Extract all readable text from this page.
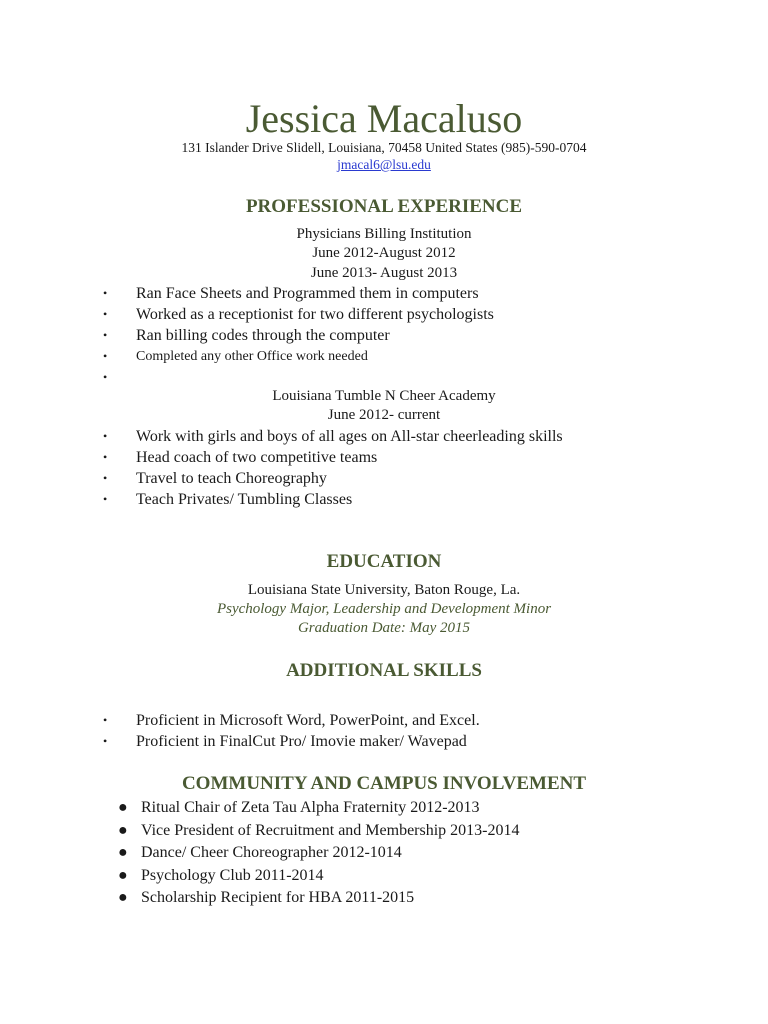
Jessica Macaluso
131 Islander Drive Slidell, Louisiana, 70458 United States (985)-590-0704
jmacal6@lsu.edu
PROFESSIONAL EXPERIENCE
Physicians Billing Institution
June 2012-August 2012
June 2013- August 2013
• Ran Face Sheets and Programmed them in computers
• Worked as a receptionist for two different psychologists
• Ran billing codes through the computer
• Completed any other Office work needed
•

Louisiana Tumble N Cheer Academy
June 2012- current
• Work with girls and boys of all ages on All-star cheerleading skills
• Head coach of two competitive teams
• Travel to teach Choreography
• Teach Privates/ Tumbling Classes
EDUCATION
Louisiana State University, Baton Rouge, La.
Psychology Major, Leadership and Development Minor
Graduation Date: May 2015
ADDITIONAL SKILLS
• Proficient in Microsoft Word, PowerPoint, and Excel.
• Proficient in FinalCut Pro/ Imovie maker/ Wavepad
COMMUNITY AND CAMPUS INVOLVEMENT
● Ritual Chair of Zeta Tau Alpha Fraternity 2012-2013
● Vice President of Recruitment and Membership 2013-2014
● Dance/ Cheer Choreographer 2012-1014
● Psychology Club 2011-2014
● Scholarship Recipient for HBA 2011-2015
